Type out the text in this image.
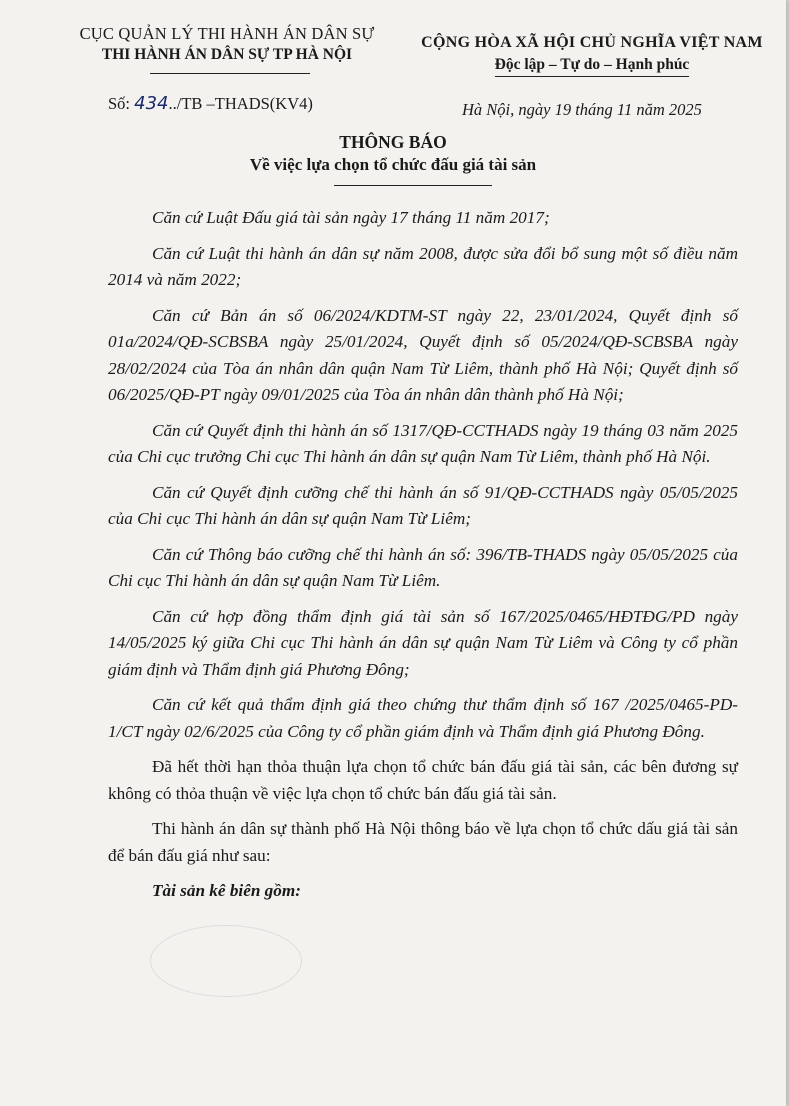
CỤC QUẢN LÝ THI HÀNH ÁN DÂN SỰ
THI HÀNH ÁN DÂN SỰ TP HÀ NỘI
CỘNG HÒA XÃ HỘI CHỦ NGHĨA VIỆT NAM
Độc lập – Tự do – Hạnh phúc
Số: 434../TB –THADS(KV4)	Hà Nội, ngày 19 tháng 11 năm 2025
THÔNG BÁO
Về việc lựa chọn tổ chức đấu giá tài sản

Căn cứ Luật Đấu giá tài sản ngày 17 tháng 11 năm 2017;

Căn cứ Luật thi hành án dân sự năm 2008, được sửa đổi bổ sung một số điều năm 2014 và năm 2022;

Căn cứ Bản án số 06/2024/KDTM-ST ngày 22, 23/01/2024, Quyết định số 01a/2024/QĐ-SCBSBA ngày 25/01/2024, Quyết định số 05/2024/QĐ-SCBSBA ngày 28/02/2024 của Tòa án nhân dân quận Nam Từ Liêm, thành phố Hà Nội; Quyết định số 06/2025/QĐ-PT ngày 09/01/2025 của Tòa án nhân dân thành phố Hà Nội;

Căn cứ Quyết định thi hành án số 1317/QĐ-CCTHADS ngày 19 tháng 03 năm 2025 của Chi cục trưởng Chi cục Thi hành án dân sự quận Nam Từ Liêm, thành phố Hà Nội.

Căn cứ Quyết định cưỡng chế thi hành án số 91/QĐ-CCTHADS ngày 05/05/2025 của Chi cục Thi hành án dân sự quận Nam Từ Liêm;

Căn cứ Thông báo cưỡng chế thi hành án số: 396/TB-THADS ngày 05/05/2025 của Chi cục Thi hành án dân sự quận Nam Từ Liêm.

Căn cứ hợp đồng thẩm định giá tài sản số 167/2025/0465/HĐTĐG/PD ngày 14/05/2025 ký giữa Chi cục Thi hành án dân sự quận Nam Từ Liêm và Công ty cổ phần giám định và Thẩm định giá Phương Đông;

Căn cứ kết quả thẩm định giá theo chứng thư thẩm định số 167 /2025/0465-PD-1/CT ngày 02/6/2025 của Công ty cổ phần giám định và Thẩm định giá Phương Đông.

Đã hết thời hạn thỏa thuận lựa chọn tổ chức bán đấu giá tài sản, các bên đương sự không có thỏa thuận về việc lựa chọn tổ chức bán đấu giá tài sản.

Thi hành án dân sự thành phố Hà Nội thông báo về lựa chọn tổ chức dấu giá tài sản để bán đấu giá như sau:

Tài sản kê biên gồm:
